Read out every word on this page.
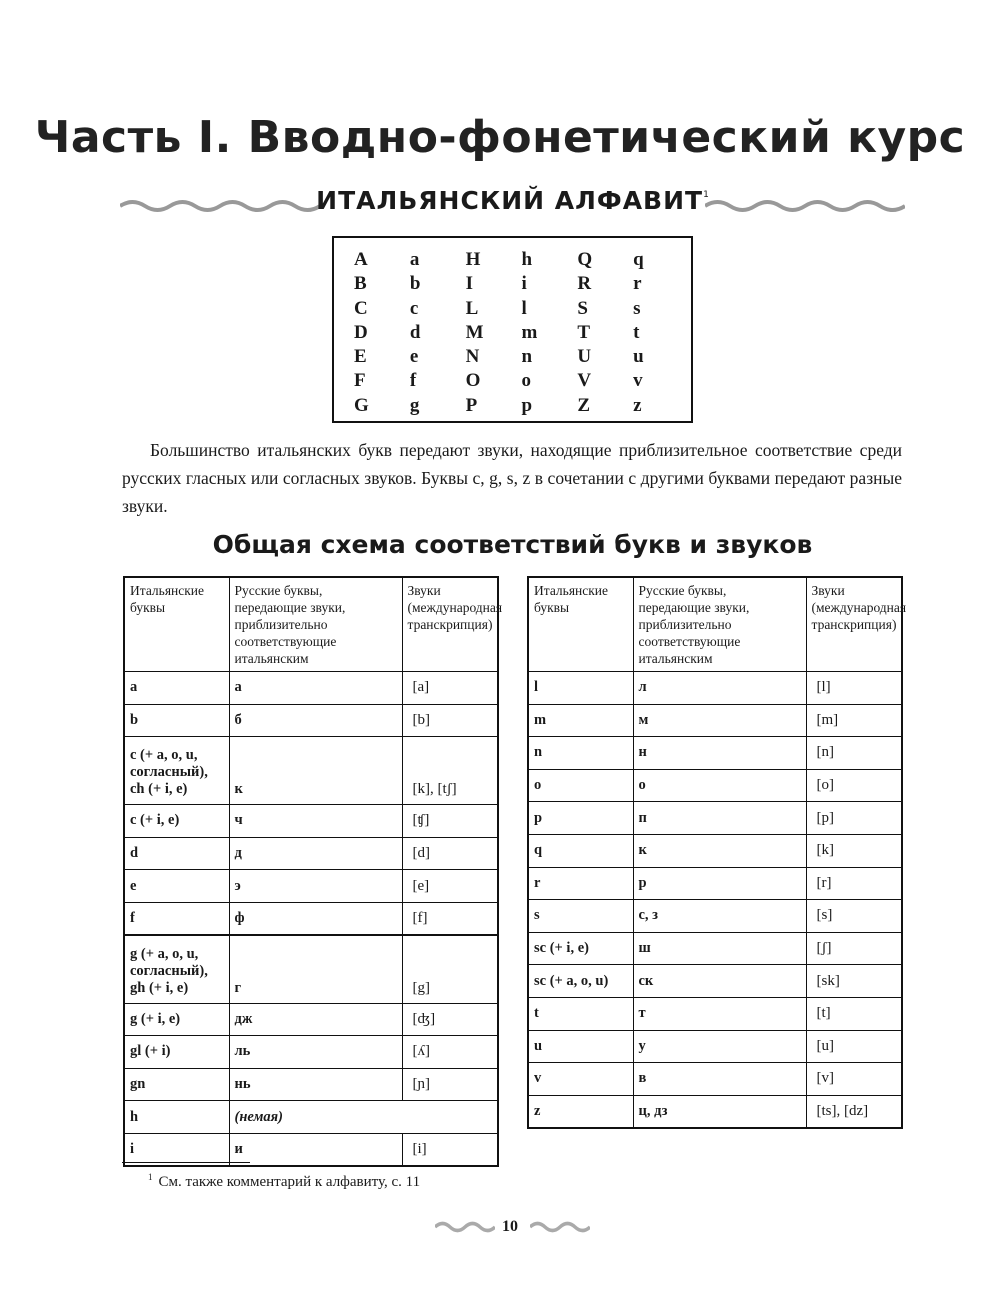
Часть I. Вводно-фонетический курс
ИТАЛЬЯНСКИЙ АЛФАВИТ$^1$
A	a	H	h	Q	q
B	b	I	i	R	r
C	c	L	l	S	s
D	d	M	m	T	t
E	e	N	n	U	u
F	f	O	o	V	v
G	g	P	p	Z	z

Большинство итальянских букв передают звуки, находящие приблизительное соответствие среди русских гласных или согласных звуков. Буквы c, g, s, z в сочетании с другими буквами передают разные звуки.

Общая схема соответствий букв и звуков
Итальянские буквы	Русские буквы, передающие звуки, приблизительно соответствующие итальянским	Звуки (международная транскрипция)
a	а	[a]
b	б	[b]
c (+ a, o, u, согласный), ch (+ i, e)	к	[k], [tʃ]
c (+ i, e)	ч	[ʧ]
d	д	[d]
e	э	[e]
f	ф	[f]
g (+ a, o, u, согласный), gh (+ i, e)	г	[g]
g (+ i, e)	дж	[ʤ]
gl (+ i)	ль	[ʎ]
gn	нь	[ɲ]
h	(немая)	
i	и	[i]
Итальянские буквы	Русские буквы, передающие звуки, приблизительно соответствующие итальянским	Звуки (международная транскрипция)
l	л	[l]
m	м	[m]
n	н	[n]
o	о	[o]
p	п	[p]
q	к	[k]
r	р	[r]
s	с, з	[s]
sc (+ i, e)	ш	[ʃ]
sc (+ a, o, u)	ск	[sk]
t	т	[t]
u	у	[u]
v	в	[v]
z	ц, дз	[ts], [dz]

$^1$ См. также комментарий к алфавиту, с. 11

10
